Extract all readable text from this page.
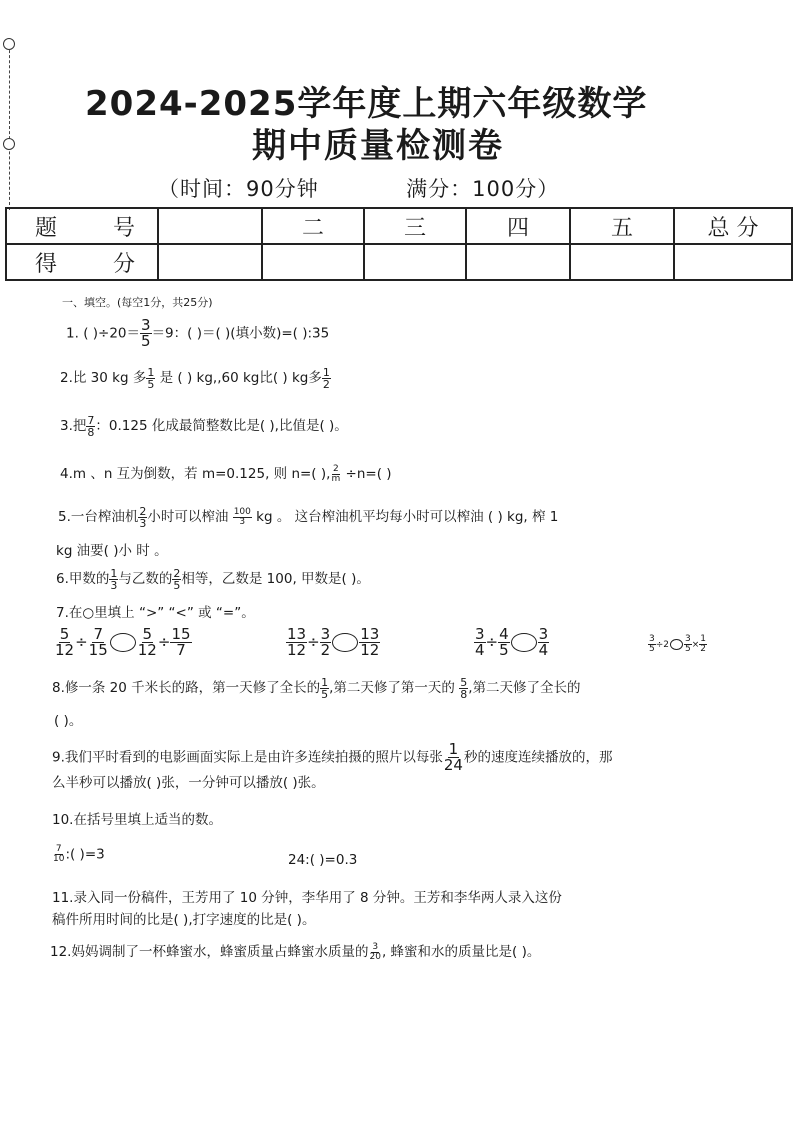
2024-2025学年度上期六年级数学
期中质量检测卷
（时间：90分钟	满分：100分）
题 号		二	三	四	五	总 分
得 分						
一、填空。(每空1分，共25分)
1. ( )$\div 20= \frac{3}{5} =9$：( )＝( )(填小数)=( ):35
2.比 30 kg 多 $\frac{1}{5}$ 是 ( ) kg,,60 kg比( ) kg多 $\frac{1}{2}$
3.把 $\frac{7}{8}$ ：0.125 化成最简整数比是( ),比值是( )。
4.m 、n 互为倒数，若 m=0.125, 则 n=( ), $\frac{2}{m} \div n=$( )
5.一台榨油机 $\frac{2}{3}$ 小时可以榨油 $\frac{100}{3}$ kg 。 这台榨油机平均每小时可以榨油 ( ) kg, 榨 1
kg 油要( )小 时 。
6.甲数的 $\frac{1}{3}$ 与乙数的 $\frac{2}{5}$ 相等，乙数是 100, 甲数是( )。
7.在○里填上 “>” “<” 或 “=”。
$\frac{5}{12} \div \frac{7}{15} \frac{5}{12} \div \frac{15}{7}$	$\frac{13}{12} \div \frac{3}{2} \frac{13}{12}$	$\frac{3}{4} \div \frac{4}{5} \frac{3}{4}$	$\frac{3}{5} \div 2 \frac{3}{5} \times \frac{1}{2}$
8.修一条 20 千米长的路，第一天修了全长的 $\frac{1}{5}$ ,第二天修了第一天的 $\frac{5}{8}$ ,第二天修了全长的
( )。
9.我们平时看到的电影画面实际上是由许多连续拍摄的照片以每张 $\frac{1}{24}$ 秒的速度连续播放的，那
么半秒可以播放( )张，一分钟可以播放( )张。
10.在括号里填上适当的数。
$\frac{7}{10}$ :( )=3	24:( )=0.3
11.录入同一份稿件，王芳用了 10 分钟，李华用了 8 分钟。王芳和李华两人录入这份
稿件所用时间的比是( ),打字速度的比是( )。
12.妈妈调制了一杯蜂蜜水，蜂蜜质量占蜂蜜水质量的 $\frac{3}{20}$ , 蜂蜜和水的质量比是( )。
